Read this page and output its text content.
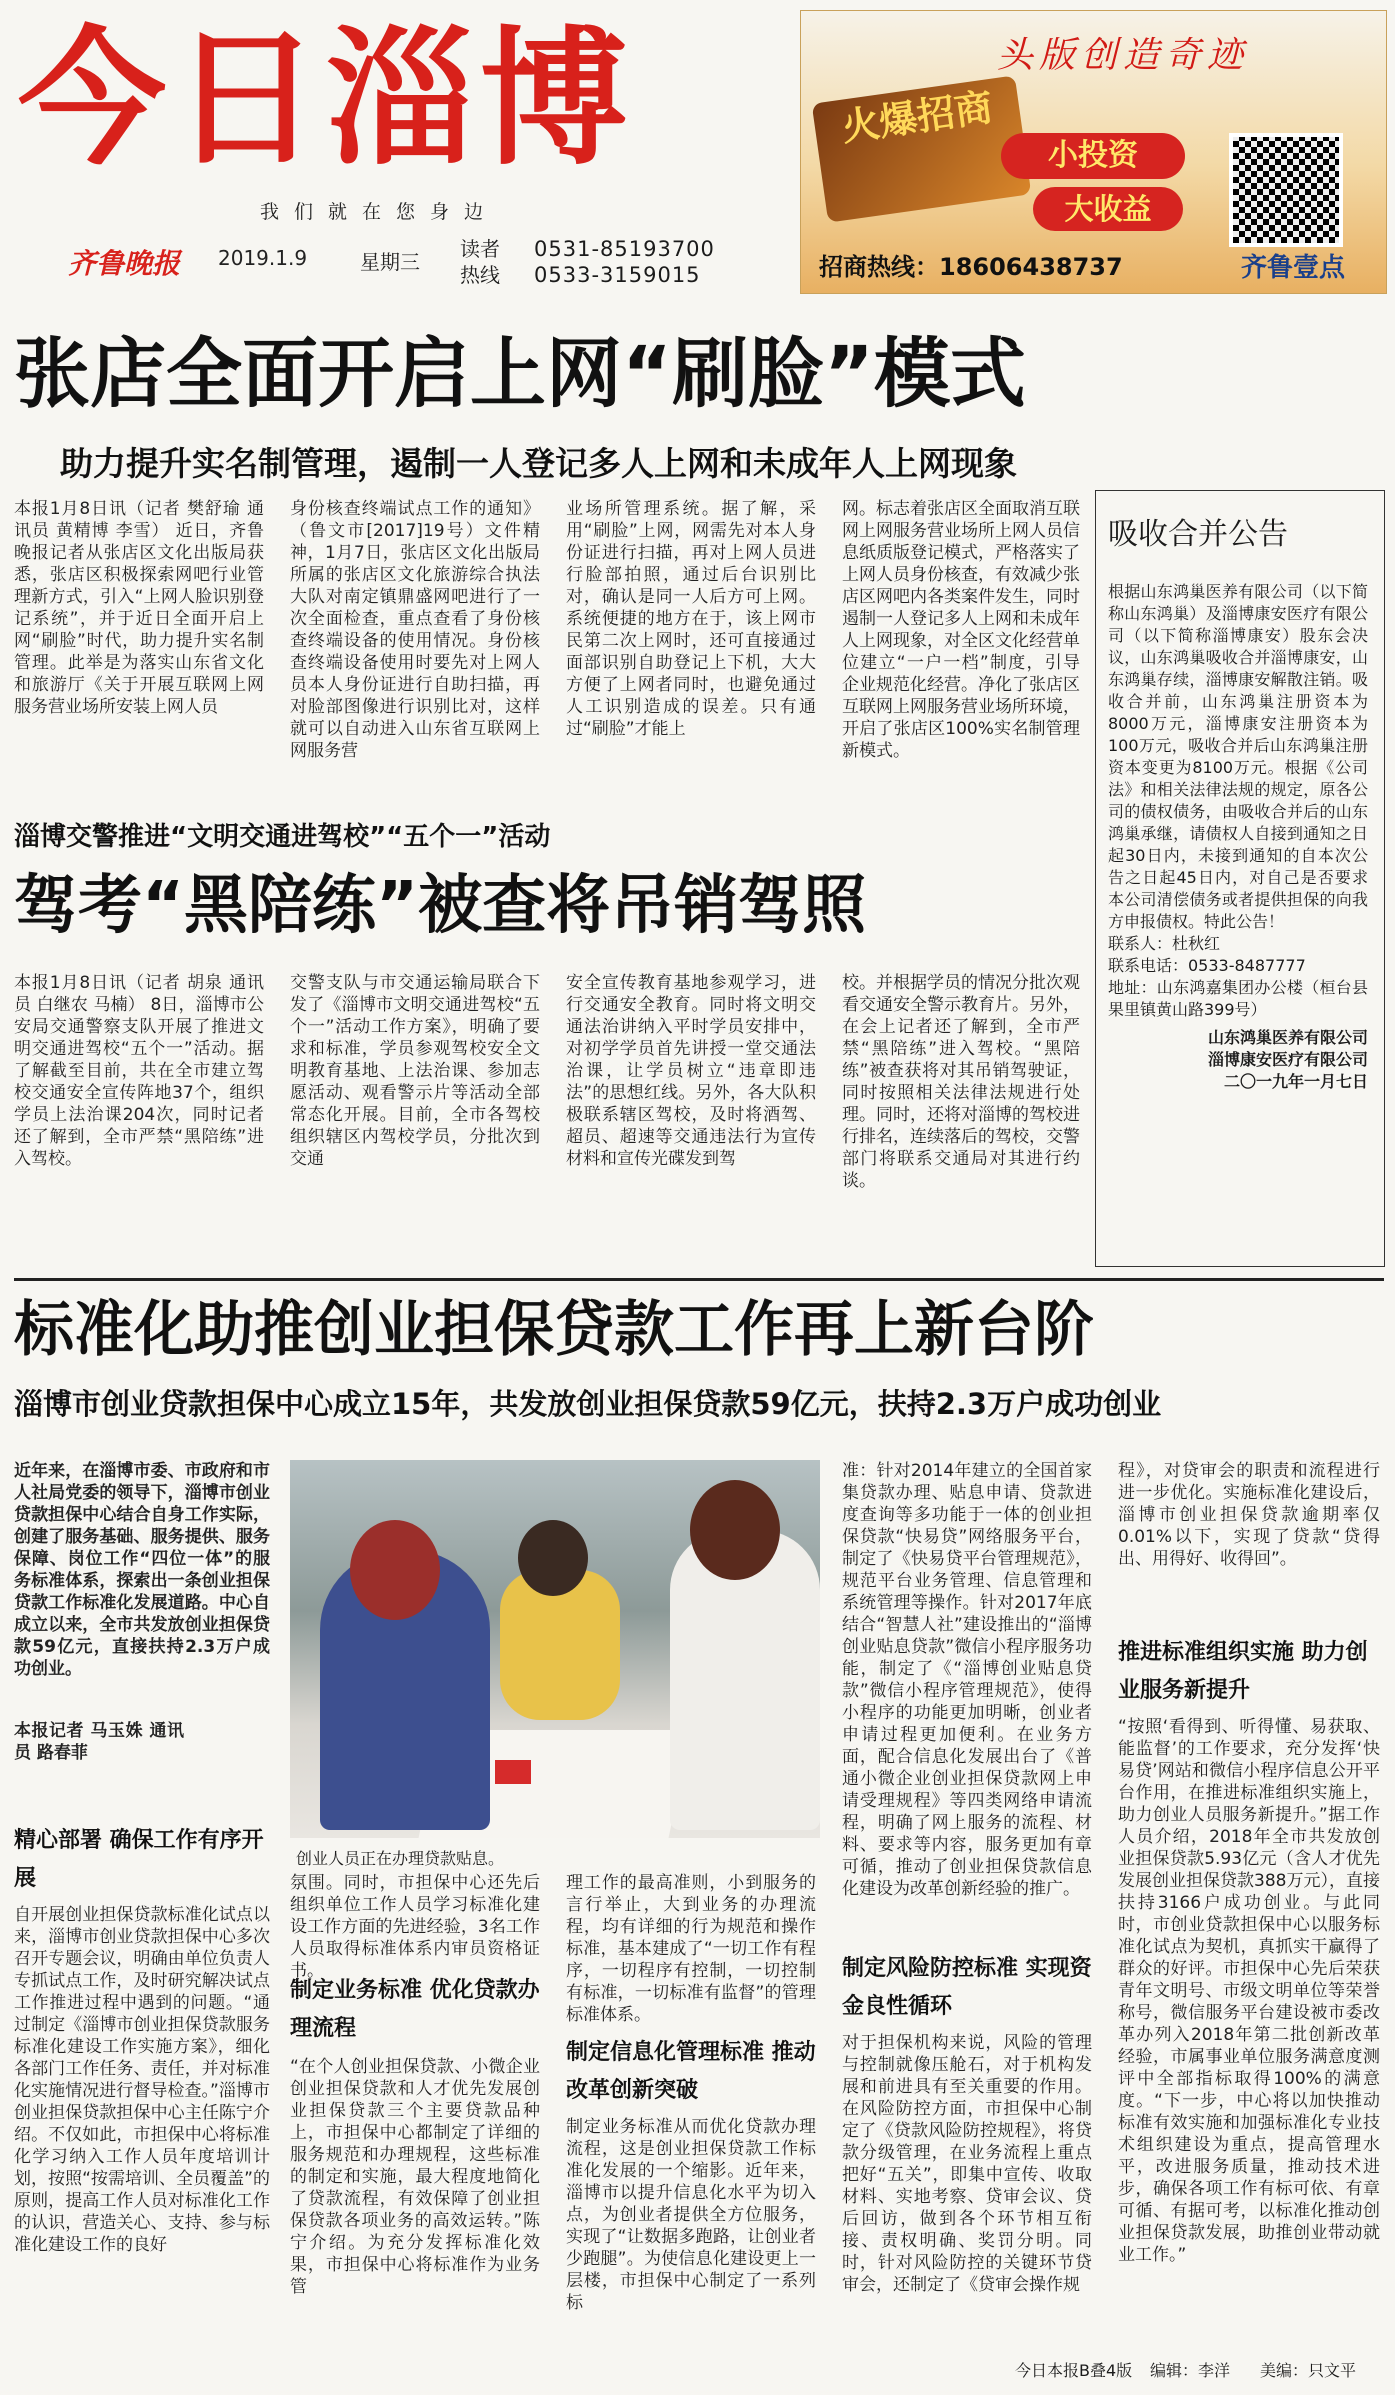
今日淄博
我们就在您身边
齐鲁晚报 2019.1.9	星期三
读者热线
0531-85193700
0533-3159015
头版创造奇迹
火爆招商
小投资
大收益
招商热线：18606438737	齐鲁壹点
张店全面开启上网“刷脸”模式
助力提升实名制管理，遏制一人登记多人上网和未成年人上网现象
本报1月8日讯（记者 樊舒瑜 通讯员 黄精博 李雪） 近日，齐鲁晚报记者从张店区文化出版局获悉，张店区积极探索网吧行业管理新方式，引入“上网人脸识别登记系统”，并于近日全面开启上网“刷脸”时代，助力提升实名制管理。此举是为落实山东省文化和旅游厅《关于开展互联网上网服务营业场所安装上网人员
身份核查终端试点工作的通知》（鲁文市[2017]19号）文件精神，1月7日，张店区文化出版局所属的张店区文化旅游综合执法大队对南定镇鼎盛网吧进行了一次全面检查，重点查看了身份核查终端设备的使用情况。身份核查终端设备使用时要先对上网人员本人身份证进行自助扫描，再对脸部图像进行识别比对，这样就可以自动进入山东省互联网上网服务营
业场所管理系统。据了解，采用“刷脸”上网，网需先对本人身份证进行扫描，再对上网人员进行脸部拍照，通过后台识别比对，确认是同一人后方可上网。系统便捷的地方在于，该上网市民第二次上网时，还可直接通过面部识别自助登记上下机，大大方便了上网者同时，也避免通过人工识别造成的误差。只有通过“刷脸”才能上
网。标志着张店区全面取消互联网上网服务营业场所上网人员信息纸质版登记模式，严格落实了上网人员身份核查，有效减少张店区网吧内各类案件发生，同时遏制一人登记多人上网和未成年人上网现象，对全区文化经营单位建立“一户一档”制度，引导企业规范化经营。净化了张店区互联网上网服务营业场所环境，开启了张店区100%实名制管理新模式。
淄博交警推进“文明交通进驾校”“五个一”活动
驾考“黑陪练”被查将吊销驾照
本报1月8日讯（记者 胡泉 通讯员 白继农 马楠） 8日，淄博市公安局交通警察支队开展了推进文明交通进驾校“五个一”活动。据了解截至目前，共在全市建立驾校交通安全宣传阵地37个，组织学员上法治课204次，同时记者还了解到，全市严禁“黑陪练”进入驾校。
交警支队与市交通运输局联合下发了《淄博市文明交通进驾校“五个一”活动工作方案》，明确了要求和标准，学员参观驾校安全文明教育基地、上法治课、参加志愿活动、观看警示片等活动全部常态化开展。目前，全市各驾校组织辖区内驾校学员，分批次到交通
安全宣传教育基地参观学习，进行交通安全教育。同时将文明交通法治讲纳入平时学员安排中，对初学学员首先讲授一堂交通法治课，让学员树立“违章即违法”的思想红线。另外，各大队积极联系辖区驾校，及时将酒驾、超员、超速等交通违法行为宣传材料和宣传光碟发到驾
校。并根据学员的情况分批次观看交通安全警示教育片。另外，在会上记者还了解到，全市严禁“黑陪练”进入驾校。“黑陪练”被查获将对其吊销驾驶证，同时按照相关法律法规进行处理。同时，还将对淄博的驾校进行排名，连续落后的驾校，交警部门将联系交通局对其进行约谈。
吸收合并公告
根据山东鸿巢医养有限公司（以下简称山东鸿巢）及淄博康安医疗有限公司（以下简称淄博康安）股东会决议，山东鸿巢吸收合并淄博康安，山东鸿巢存续，淄博康安解散注销。吸收合并前，山东鸿巢注册资本为8000万元，淄博康安注册资本为100万元，吸收合并后山东鸿巢注册资本变更为8100万元。根据《公司法》和相关法律法规的规定，原各公司的债权债务，由吸收合并后的山东鸿巢承继，请债权人自接到通知之日起30日内，未接到通知的自本次公告之日起45日内，对自己是否要求本公司清偿债务或者提供担保的向我方申报债权。特此公告！
联系人：杜秋红
联系电话：0533-8487777
地址：山东鸿嘉集团办公楼（桓台县果里镇黄山路399号）
山东鸿巢医养有限公司
淄博康安医疗有限公司
二〇一九年一月七日
标准化助推创业担保贷款工作再上新台阶
淄博市创业贷款担保中心成立15年，共发放创业担保贷款59亿元，扶持2.3万户成功创业
近年来，在淄博市委、市政府和市人社局党委的领导下，淄博市创业贷款担保中心结合自身工作实际，创建了服务基础、服务提供、服务保障、岗位工作“四位一体”的服务标准体系，探索出一条创业担保贷款工作标准化发展道路。中心自成立以来，全市共发放创业担保贷款59亿元，直接扶持2.3万户成功创业。
本报记者 马玉姝 通讯员 路春菲
精心部署 确保工作有序开展
自开展创业担保贷款标准化试点以来，淄博市创业贷款担保中心多次召开专题会议，明确由单位负责人专抓试点工作，及时研究解决试点工作推进过程中遇到的问题。“通过制定《淄博市创业担保贷款服务标准化建设工作实施方案》，细化各部门工作任务、责任，并对标准化实施情况进行督导检查。”淄博市创业担保贷款担保中心主任陈宁介绍。不仅如此，市担保中心将标准化学习纳入工作人员年度培训计划，按照“按需培训、全员覆盖”的原则，提高工作人员对标准化工作的认识，营造关心、支持、参与标准化建设工作的良好
创业人员正在办理贷款贴息。
氛围。同时，市担保中心还先后组织单位工作人员学习标准化建设工作方面的先进经验，3名工作人员取得标准体系内审员资格证书。
制定业务标准 优化贷款办理流程
“在个人创业担保贷款、小微企业创业担保贷款和人才优先发展创业担保贷款三个主要贷款品种上，市担保中心都制定了详细的服务规范和办理规程，这些标准的制定和实施，最大程度地简化了贷款流程，有效保障了创业担保贷款各项业务的高效运转。”陈宁介绍。为充分发挥标准化效果，市担保中心将标准作为业务管
理工作的最高准则，小到服务的言行举止，大到业务的办理流程，均有详细的行为规范和操作标准，基本建成了“一切工作有程序，一切程序有控制，一切控制有标准，一切标准有监督”的管理标准体系。
制定信息化管理标准 推动改革创新突破
制定业务标准从而优化贷款办理流程，这是创业担保贷款工作标准化发展的一个缩影。近年来，淄博市以提升信息化水平为切入点，为创业者提供全方位服务，实现了“让数据多跑路，让创业者少跑腿”。为使信息化建设更上一层楼，市担保中心制定了一系列标
准：针对2014年建立的全国首家集贷款办理、贴息申请、贷款进度查询等多功能于一体的创业担保贷款“快易贷”网络服务平台，制定了《快易贷平台管理规范》，规范平台业务管理、信息管理和系统管理等操作。针对2017年底结合“智慧人社”建设推出的“淄博创业贴息贷款”微信小程序服务功能，制定了《“淄博创业贴息贷款”微信小程序管理规范》，使得小程序的功能更加明晰，创业者申请过程更加便利。在业务方面，配合信息化发展出台了《普通小微企业创业担保贷款网上申请受理规程》等四类网络申请流程，明确了网上服务的流程、材料、要求等内容，服务更加有章可循，推动了创业担保贷款信息化建设为改革创新经验的推广。
制定风险防控标准 实现资金良性循环
对于担保机构来说，风险的管理与控制就像压舱石，对于机构发展和前进具有至关重要的作用。在风险防控方面，市担保中心制定了《贷款风险防控规程》，将贷款分级管理，在业务流程上重点把好“五关”，即集中宣传、收取材料、实地考察、贷审会议、贷后回访，做到各个环节相互衔接、责权明确、奖罚分明。同时，针对风险防控的关键环节贷审会，还制定了《贷审会操作规
程》，对贷审会的职责和流程进行进一步优化。实施标准化建设后，淄博市创业担保贷款逾期率仅0.01%以下，实现了贷款“贷得出、用得好、收得回”。
推进标准组织实施 助力创业服务新提升
“按照‘看得到、听得懂、易获取、能监督’的工作要求，充分发挥‘快易贷’网站和微信小程序信息公开平台作用，在推进标准组织实施上，助力创业人员服务新提升。”据工作人员介绍，2018年全市共发放创业担保贷款5.93亿元（含人才优先发展创业担保贷款388万元），直接扶持3166户成功创业。与此同时，市创业贷款担保中心以服务标准化试点为契机，真抓实干赢得了群众的好评。市担保中心先后荣获青年文明号、市级文明单位等荣誉称号，微信服务平台建设被市委改革办列入2018年第二批创新改革经验，市属事业单位服务满意度测评中全部指标取得100%的满意度。“下一步，中心将以加快推动标准有效实施和加强标准化专业技术组织建设为重点，提高管理水平，改进服务质量，推动技术进步，确保各项工作有标可依、有章可循、有据可考，以标准化推动创业担保贷款发展，助推创业带动就业工作。”
今日本报B叠4版 编辑：李洋 美编：只文平
